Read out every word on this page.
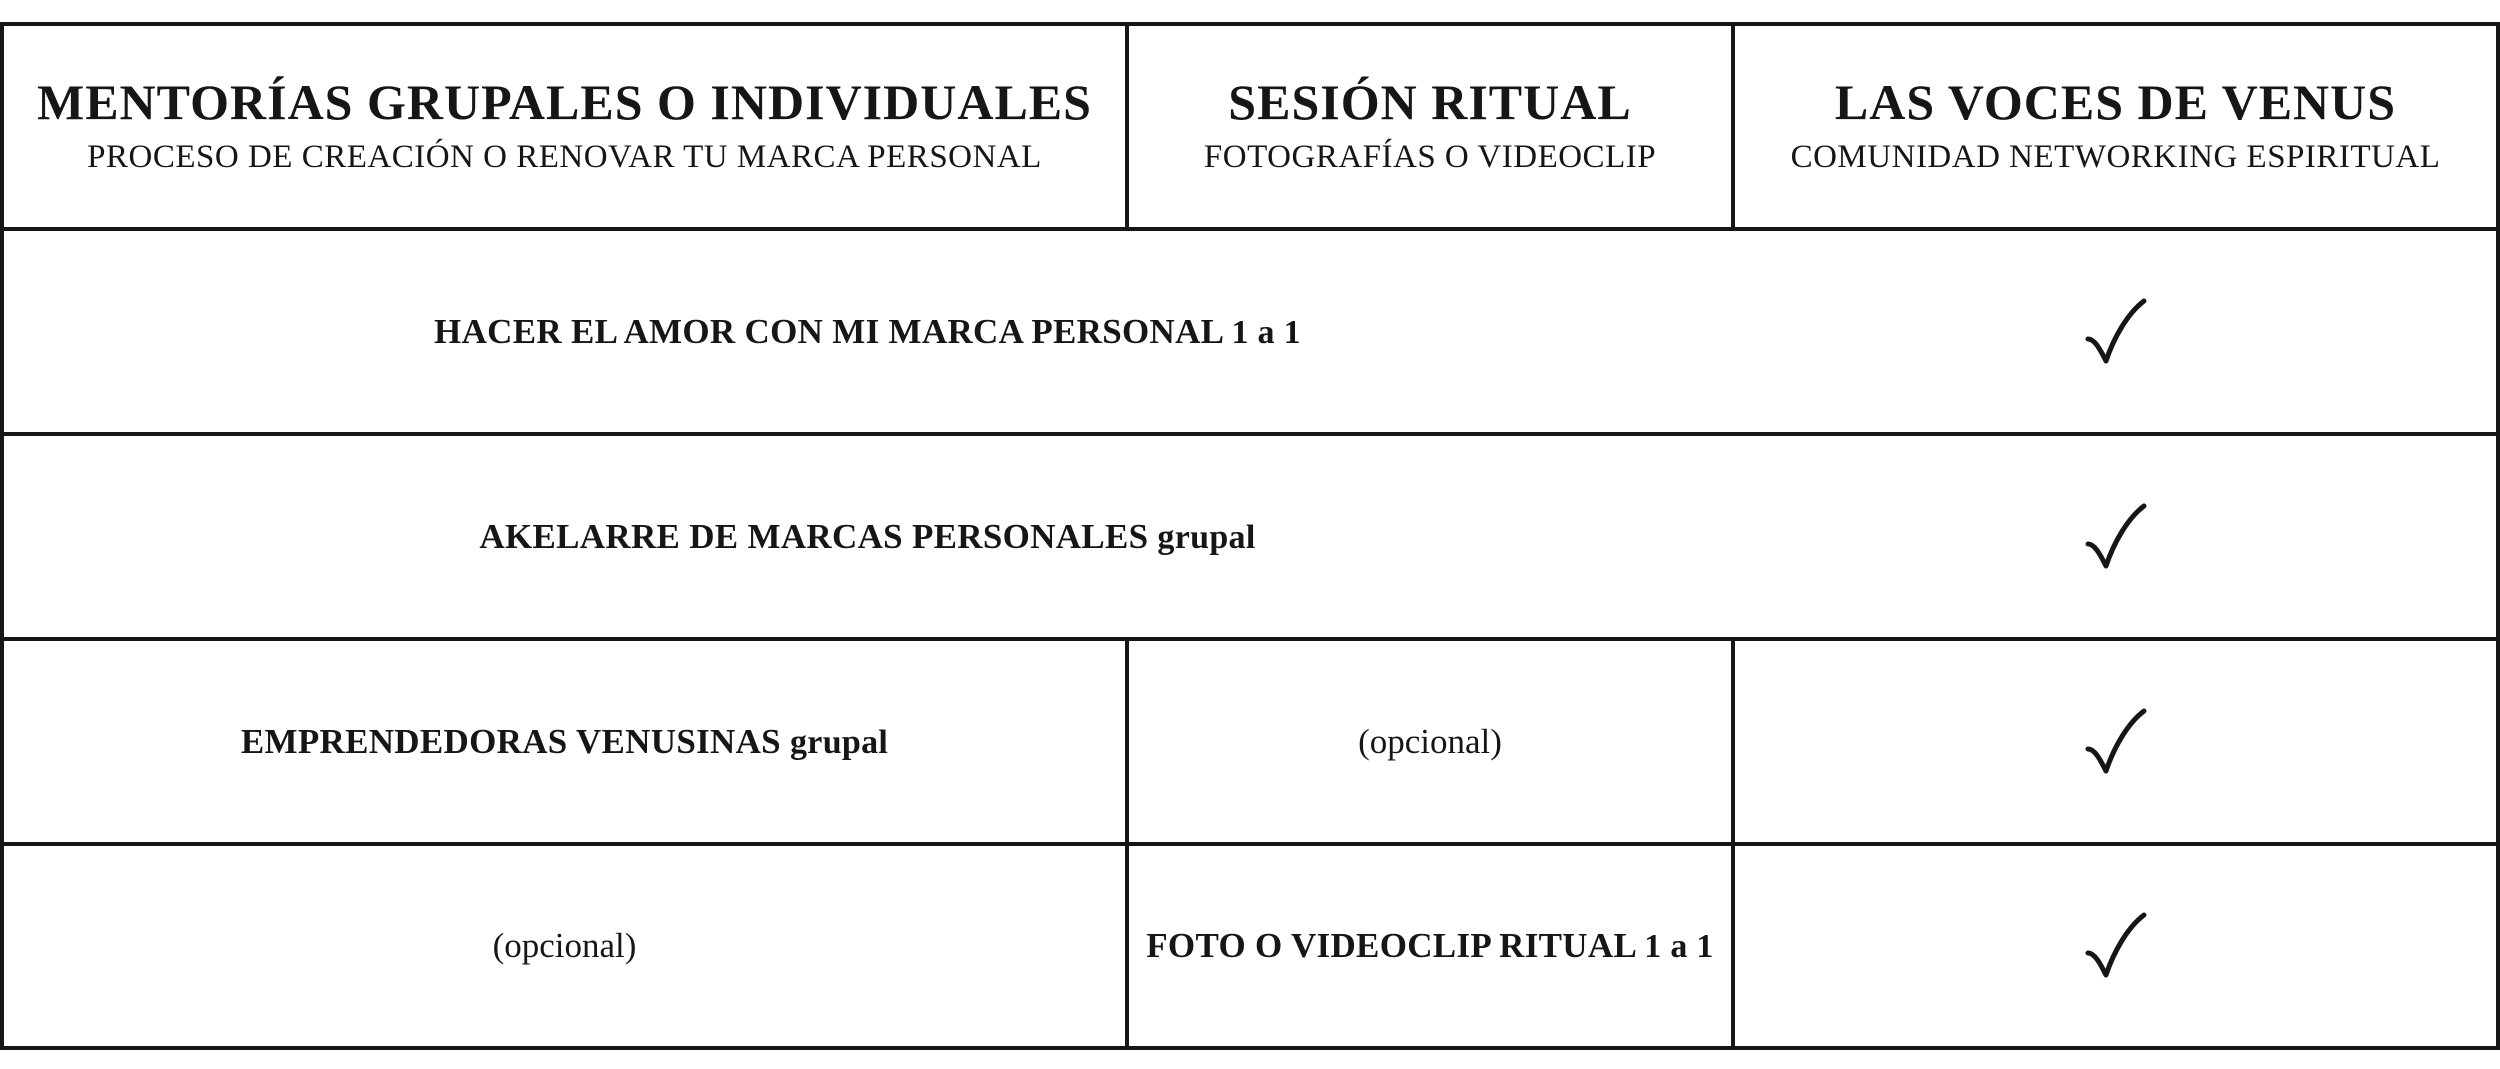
MENTORÍAS GRUPALES O INDIVIDUALES
PROCESO DE CREACIÓN O RENOVAR TU MARCA PERSONAL
SESIÓN RITUAL
FOTOGRAFÍAS O VIDEOCLIP
LAS VOCES DE VENUS
COMUNIDAD NETWORKING ESPIRITUAL
HACER EL AMOR CON MI MARCA PERSONAL 1 a 1
AKELARRE DE MARCAS PERSONALES grupal
EMPRENDEDORAS VENUSINAS grupal	(opcional)
(opcional)	FOTO O VIDEOCLIP RITUAL 1 a 1
